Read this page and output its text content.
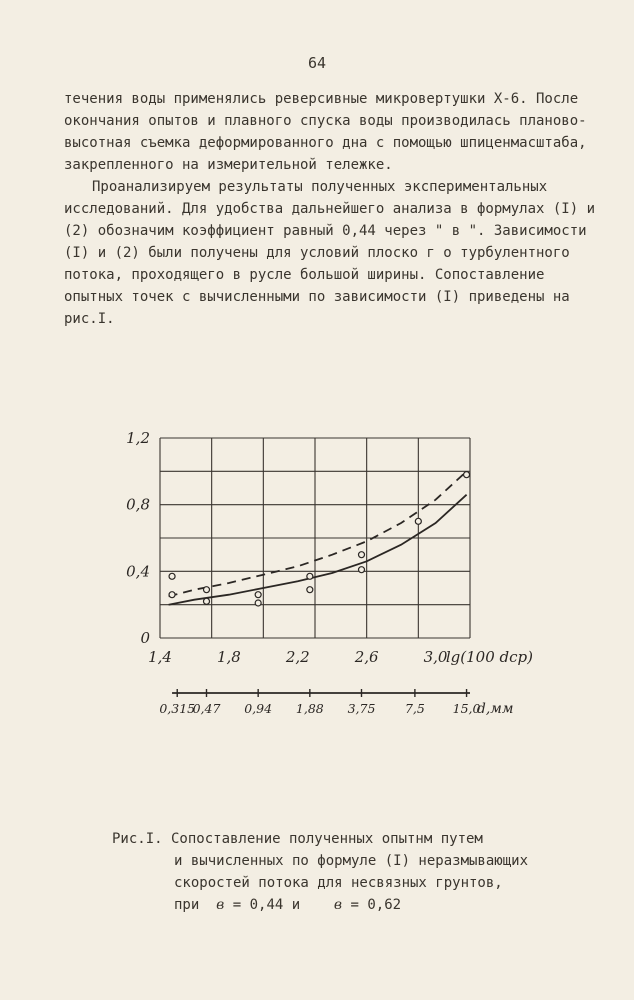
64

течения воды применялись реверсивные микровертушки Х-6. После окончания опытов и плавного спуска воды производилась планово-высотная съемка деформированного дна с помощью шпиценмасштаба, закрепленного на измерительной тележке.

Проанализируем результаты полученных экспериментальных исследований. Для удобства дальнейшего анализа в формулах (I) и (2) обозначим коэффициент равный 0,44 через " в ". Зависимости (I) и (2) были получены для условий плоско г о турбулентного потока, проходящего в русле большой ширины. Сопоставление опытных точек с вычисленными по зависимости (I) приведены на рис.I.

0
0,4
0,8
1,2
1,4	1,8	2,2	2,6	3,0
lg(100 dср)
0,315
0,47 0,94 1,88 3,75 7,5 15,0
d,мм
Рис.I. Сопоставление полученных опытнм путем
и вычисленных по формуле (I) неразмывающих
скоростей потока для несвязных грунтов,
при в = 0,44 и в = 0,62
